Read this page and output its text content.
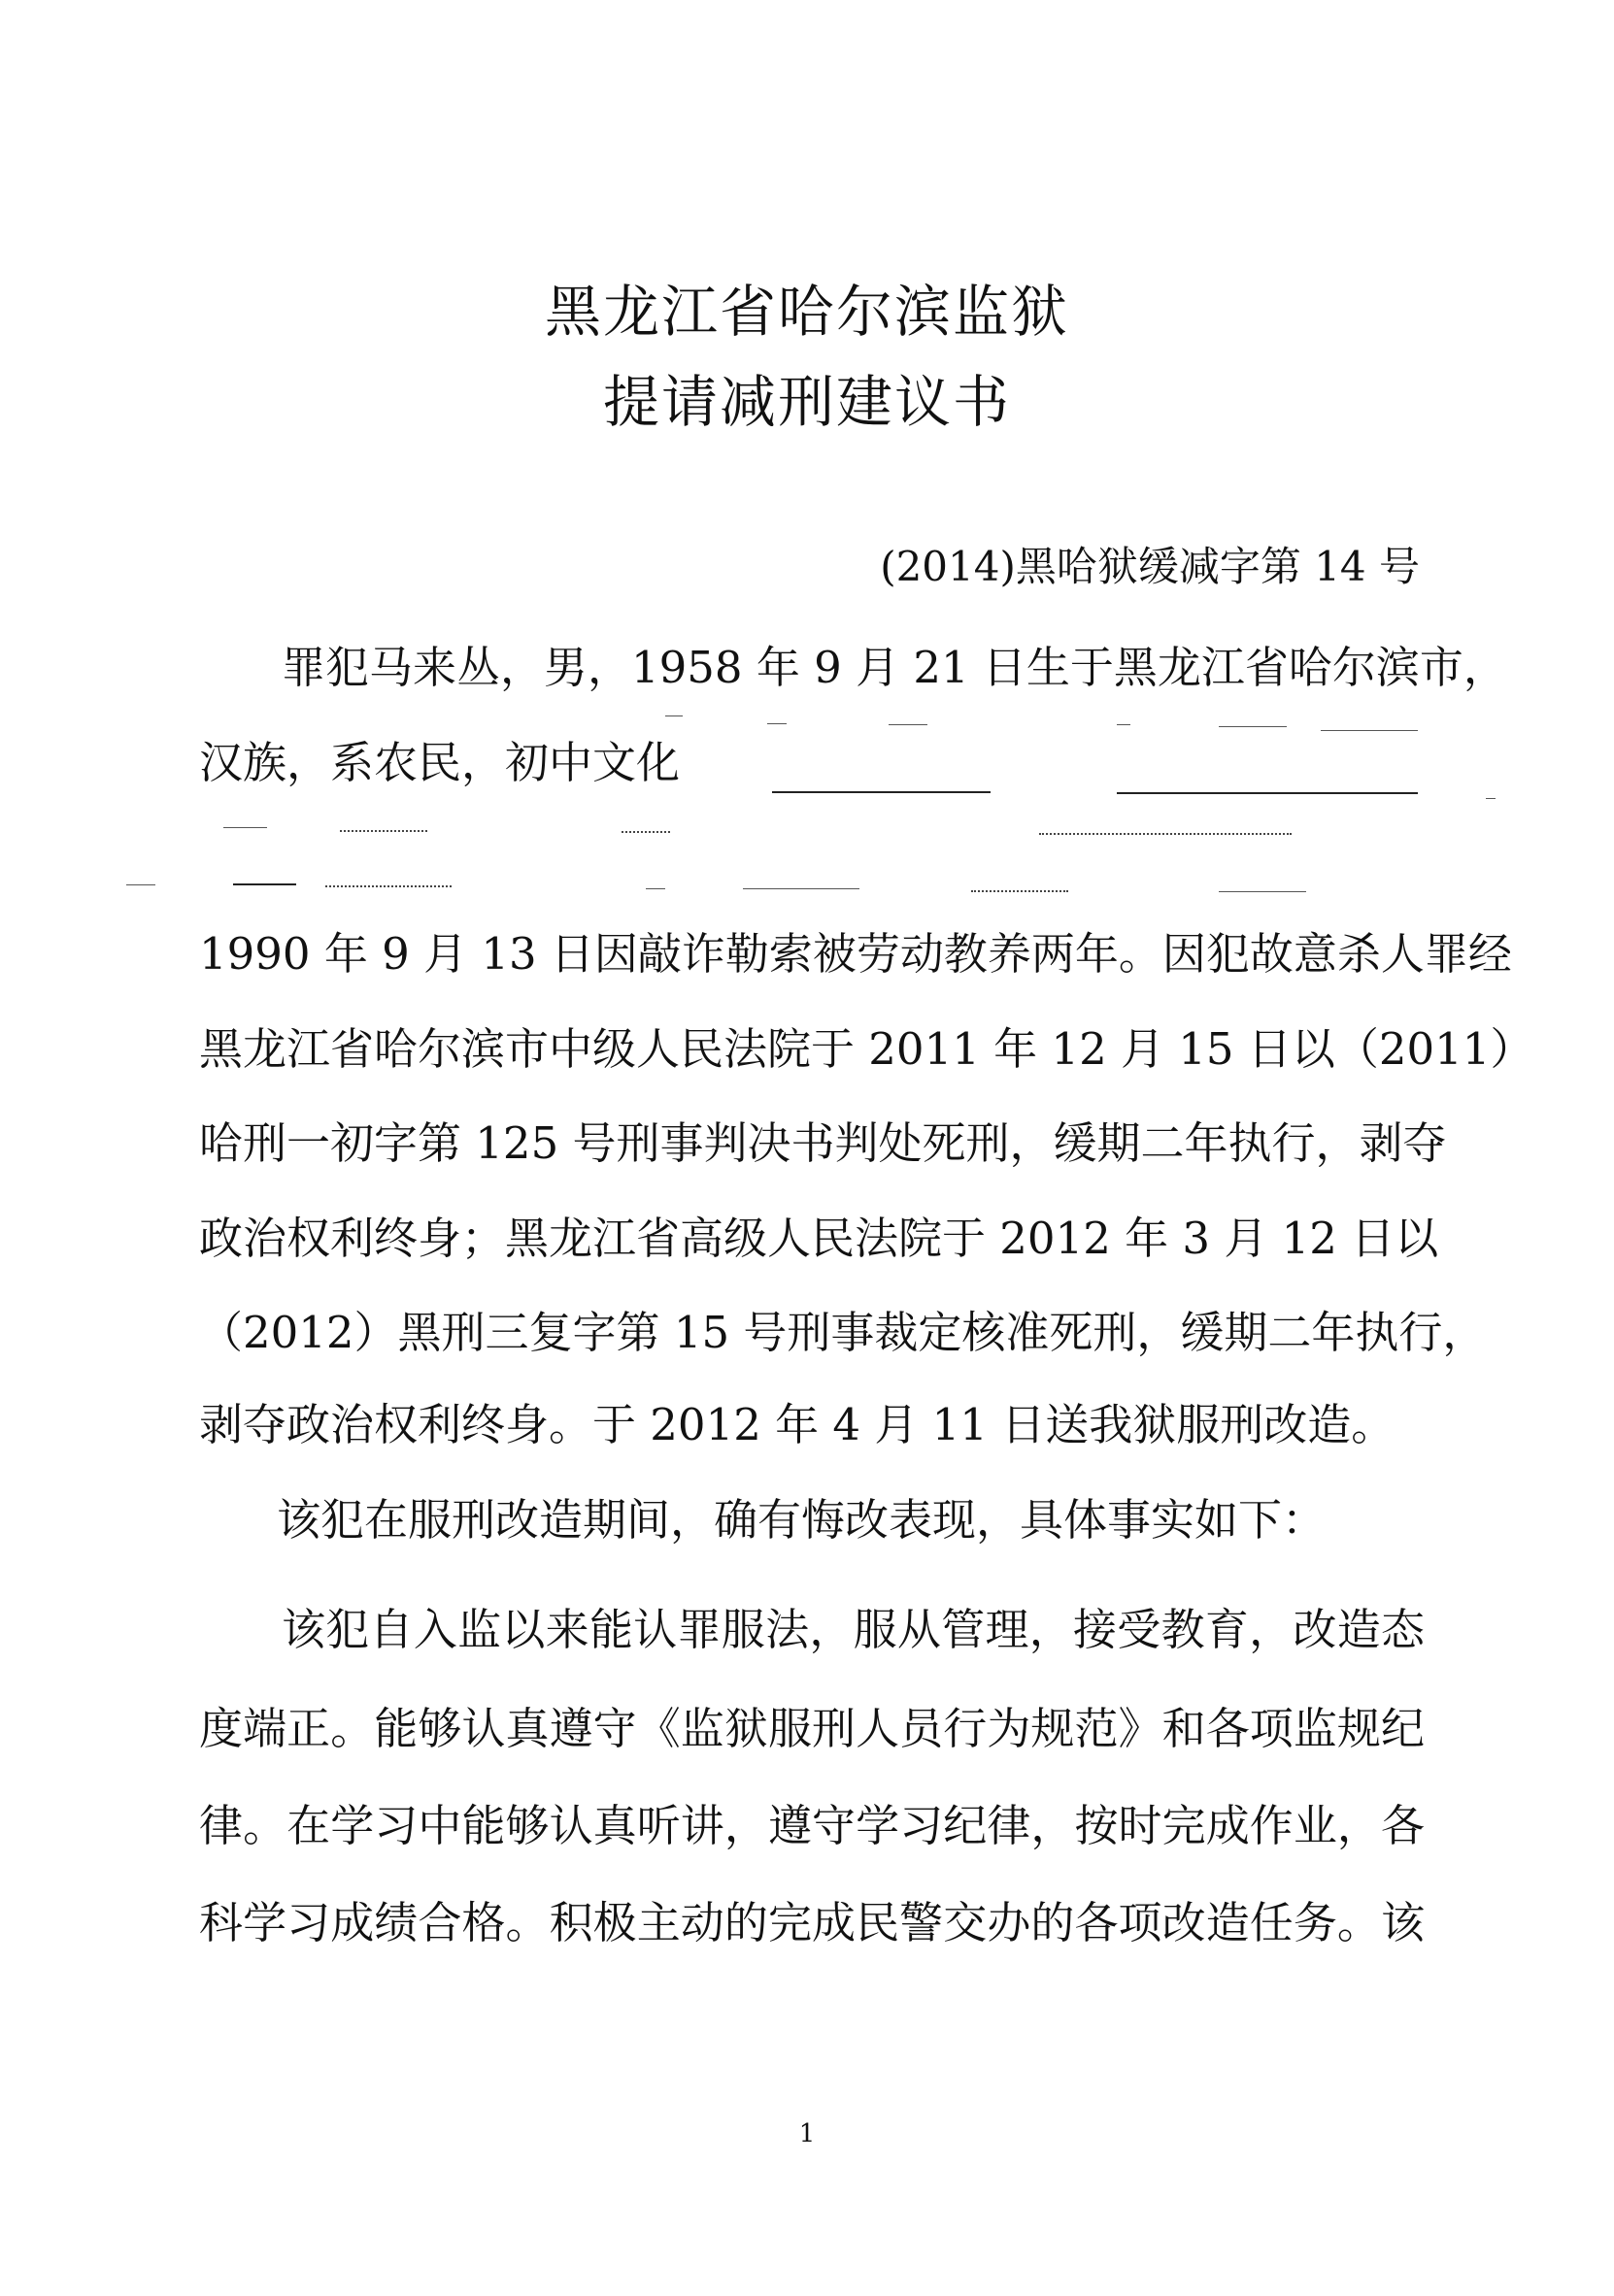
黑龙江省哈尔滨监狱
提请减刑建议书
(2014)黑哈狱缓减字第 14 号
罪犯马来丛，男，1958 年 9 月 21 日生于黑龙江省哈尔滨市，
汉族，系农民，初中文化
1990 年 9 月 13 日因敲诈勒索被劳动教养两年。因犯故意杀人罪经
黑龙江省哈尔滨市中级人民法院于 2011 年 12 月 15 日以（2011）
哈刑一初字第 125 号刑事判决书判处死刑，缓期二年执行，剥夺
政治权利终身；黑龙江省高级人民法院于 2012 年 3 月 12 日以
（2012）黑刑三复字第 15 号刑事裁定核准死刑，缓期二年执行，
剥夺政治权利终身。于 2012 年 4 月 11 日送我狱服刑改造。
该犯在服刑改造期间，确有悔改表现，具体事实如下：
该犯自入监以来能认罪服法，服从管理，接受教育，改造态
度端正。能够认真遵守《监狱服刑人员行为规范》和各项监规纪
律。在学习中能够认真听讲，遵守学习纪律，按时完成作业，各
科学习成绩合格。积极主动的完成民警交办的各项改造任务。该
1
